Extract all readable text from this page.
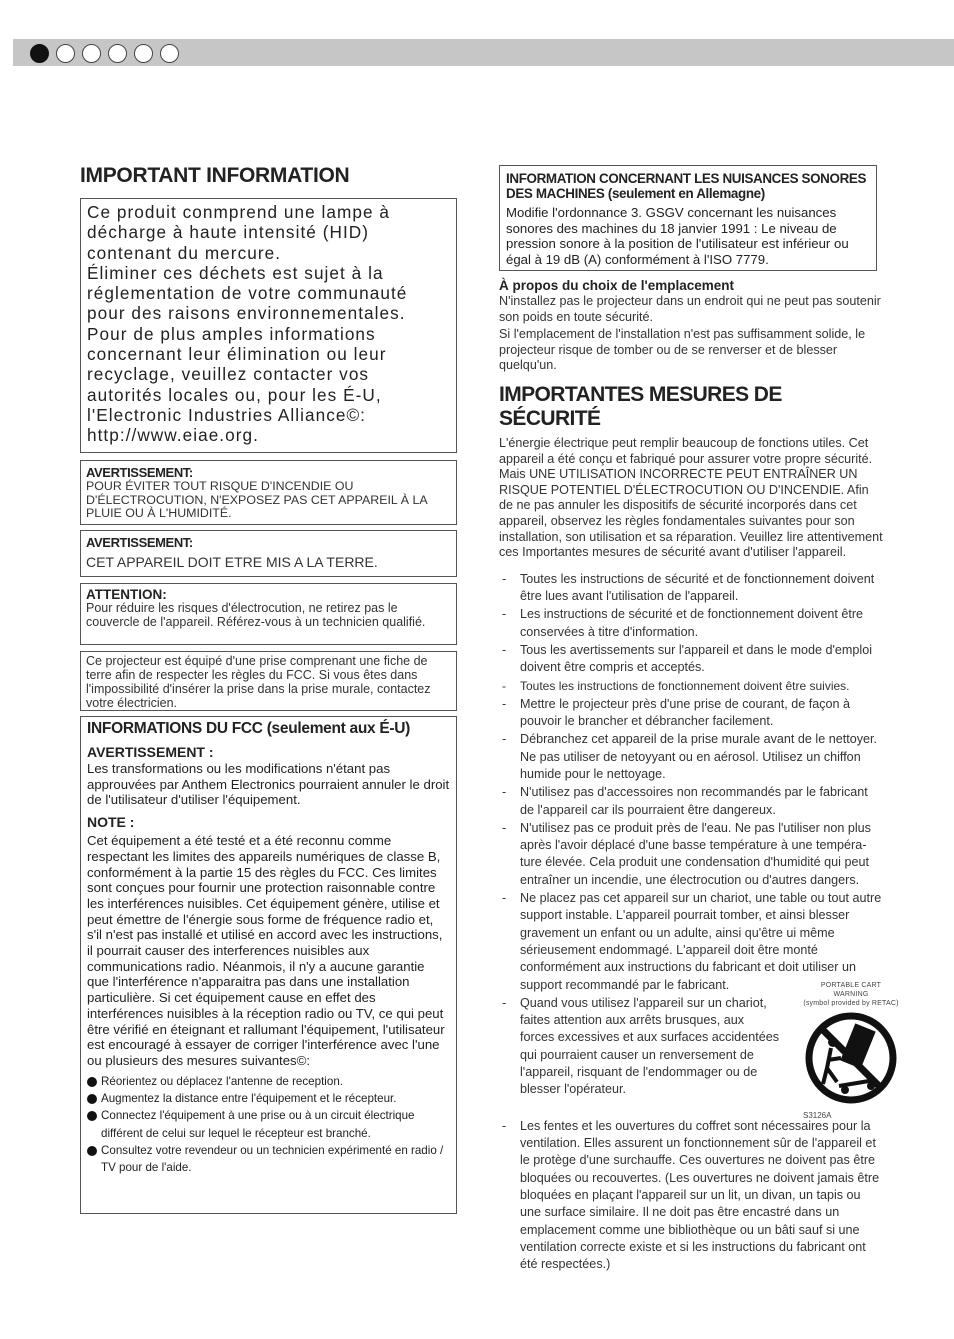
IMPORTANT INFORMATION

Ce produit conmprend une lampe à
décharge à haute intensité (HID)
contenant du mercure.
Éliminer ces déchets est sujet à la
réglementation de votre communauté
pour des raisons environnementales.
Pour de plus amples informations
concernant leur élimination ou leur
recyclage, veuillez contacter vos
autorités locales ou, pour les É-U,
l'Electronic Industries Alliance©:
http://www.eiae.org.

AVERTISSEMENT:
POUR ÉVITER TOUT RISQUE D'INCENDIE OU D'ÉLECTROCUTION, N'EXPOSEZ PAS CET APPAREIL À LA PLUIE OU À L'HUMIDITÉ.
AVERTISSEMENT:
CET APPAREIL DOIT ETRE MIS A LA TERRE.
ATTENTION:
Pour réduire les risques d'électrocution, ne retirez pas le couvercle de l'appareil. Référez-vous à un technicien qualifié.
Ce projecteur est équipé d'une prise comprenant une fiche de terre afin de respecter les règles du FCC. Si vous êtes dans l'impossibilité d'insérer la prise dans la prise murale, contactez votre électricien.
INFORMATIONS DU FCC (seulement aux É-U)
AVERTISSEMENT :

Les transformations ou les modifications n'étant pas approuvées par Anthem Electronics pourraient annuler le droit de l'utilisateur d'utiliser l'équipement.

NOTE :

Cet équipement a été testé et a été reconnu comme respectant les limites des appareils numériques de classe B, conformément à la partie 15 des règles du FCC. Ces limites sont conçues pour fournir une protection raisonnable contre les interférences nuisibles. Cet équipement génère, utilise et peut émettre de l'énergie sous forme de fréquence radio et, s'il n'est pas installé et utilisé en accord avec les instructions, il pourrait causer des interferences nuisibles aux communications radio. Néanmois, il n'y a aucune garantie que l'interférence n'apparaitra pas dans une installation particulière. Si cet équipement cause en effet des interférences nuisibles à la réception radio ou TV, ce qui peut être vérifié en éteignant et rallumant l'équipement, l'utilisateur est encouragé à essayer de corriger l'interférence avec l'une ou plusieurs des mesures suivantes©:

Réorientez ou déplacez l'antenne de reception.
Augmentez la distance entre l'équipement et le récepteur.
Connectez l'équipement à une prise ou à un circuit électrique différent de celui sur lequel le récepteur est branché.
Consultez votre revendeur ou un technicien expérimenté en radio / TV pour de l'aide.
INFORMATION CONCERNANT LES NUISANCES SONORES DES MACHINES (seulement en Allemagne)
Modifie l'ordonnance 3. GSGV concernant les nuisances sonores des machines du 18 janvier 1991 : Le niveau de pression sonore à la position de l'utilisateur est inférieur ou égal à 19 dB (A) conformément à l'ISO 7779.
À propos du choix de l'emplacement

N'installez pas le projecteur dans un endroit qui ne peut pas soutenir son poids en toute sécurité.

Si l'emplacement de l'installation n'est pas suffisamment solide, le projecteur risque de tomber ou de se renverser et de blesser quelqu'un.

IMPORTANTES MESURES DE SÉCURITÉ

L'énergie électrique peut remplir beaucoup de fonctions utiles. Cet appareil a été conçu et fabriqué pour assurer votre propre sécurité. Mais UNE UTILISATION INCORRECTE PEUT ENTRAÎNER UN RISQUE POTENTIEL D'ÉLECTROCUTION OU D'INCENDIE. Afin de ne pas annuler les dispositifs de sécurité incorporés dans cet appareil, observez les règles fondamentales suivantes pour son installation, son utilisation et sa réparation. Veuillez lire attentivement ces Importantes mesures de sécurité avant d'utiliser l'appareil.

- Toutes les instructions de sécurité et de fonctionnement doivent être lues avant l'utilisation de l'appareil.
- Les instructions de sécurité et de fonctionnement doivent être conservées à titre d'information.
- Tous les avertissements sur l'appareil et dans le mode d'emploi doivent être compris et acceptés.
- Toutes les instructions de fonctionnement doivent être suivies.
- Mettre le projecteur près d'une prise de courant, de façon à pouvoir le brancher et débrancher facilement.
- Débranchez cet appareil de la prise murale avant de le nettoyer. Ne pas utiliser de netoyyant ou en aérosol. Utilisez un chiffon humide pour le nettoyage.
- N'utilisez pas d'accessoires non recommandés par le fabricant de l'appareil car ils pourraient être dangereux.
- N'utilisez pas ce produit près de l'eau. Ne pas l'utiliser non plus après l'avoir déplacé d'une basse température à une tempéra-ture élevée. Cela produit une condensation d'humidité qui peut entraîner un incendie, une électrocution ou d'autres dangers.
- Ne placez pas cet appareil sur un chariot, une table ou tout autre support instable. L'appareil pourrait tomber, et ainsi blesser gravement un enfant ou un adulte, ainsi qu'être ui même sérieusement endommagé. L'appareil doit être monté conformément aux instructions du fabricant et doit utiliser un support recommandé par le fabricant.
- Quand vous utilisez l'appareil sur un chariot, faites attention aux arrêts brusques, aux forces excessives et aux surfaces accidentées qui pourraient causer un renversement de l'appareil, risquant de l'endommager ou de blesser l'opérateur.
PORTABLE CART WARNING
(symbol provided by RETAC)
S3126A
- Les fentes et les ouvertures du coffret sont nécessaires pour la ventilation. Elles assurent un fonctionnement sûr de l'appareil et le protège d'une surchauffe. Ces ouvertures ne doivent pas être bloquées ou recouvertes. (Les ouvertures ne doivent jamais être bloquées en plaçant l'appareil sur un lit, un divan, un tapis ou une surface similaire. Il ne doit pas être encastré dans un emplacement comme une bibliothèque ou un bâti sauf si une ventilation correcte existe et si les instructions du fabricant ont été respectées.)
